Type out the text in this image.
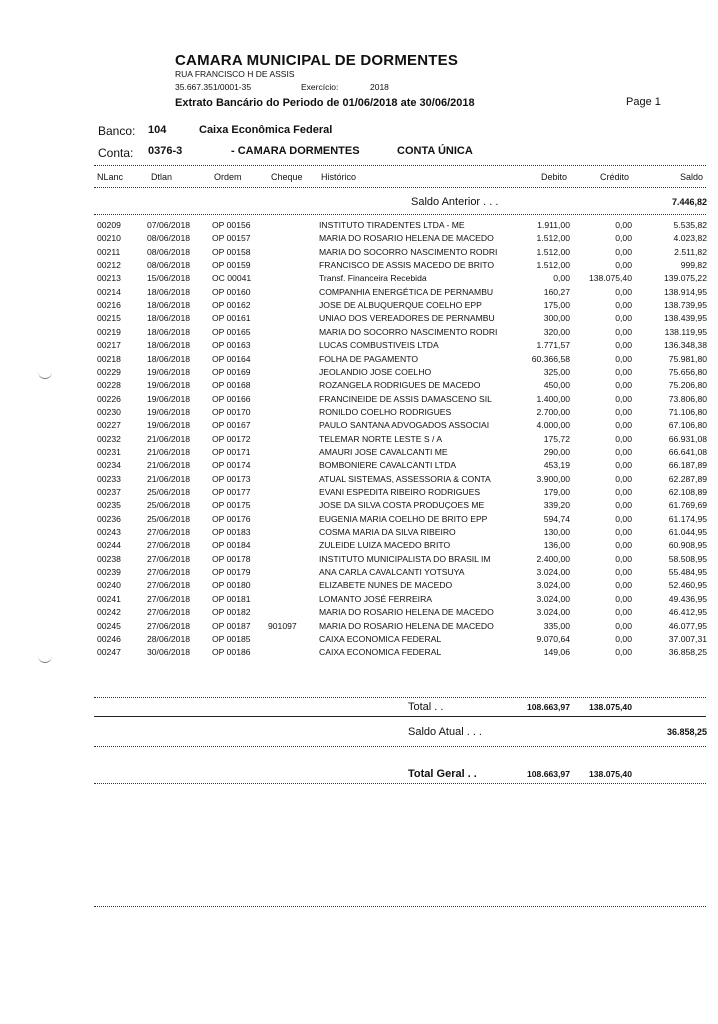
CAMARA MUNICIPAL DE DORMENTES
RUA FRANCISCO H DE ASSIS
35.667.351/0001-35	Exercício:	2018
Extrato Bancário do Periodo de 01/06/2018 ate 30/06/2018	Page 1
Banco: 104	Caixa Econômica Federal
Conta: 0376-3	- CAMARA DORMENTES	CONTA ÚNICA
NLanc	Dtlan	Ordem	Cheque Histórico	Debito	Crédito	Saldo
Saldo Anterior . . .	7.446,82
00209	07/06/2018	OP 00156	INSTITUTO TIRADENTES LTDA - ME	1.911,00	0,00	5.535,82
00210	08/06/2018	OP 00157	MARIA DO ROSARIO HELENA DE MACEDO	1.512,00	0,00	4.023,82
00211	08/06/2018	OP 00158	MARIA DO SOCORRO NASCIMENTO RODRI	1.512,00	0,00	2.511,82
00212	08/06/2018	OP 00159	FRANCISCO DE ASSIS MACEDO DE BRITO	1.512,00	0,00	999,82
00213	15/06/2018	OC 00041	Transf. Financeira Recebida	0,00	138.075,40	139.075,22
00214	18/06/2018	OP 00160	COMPANHIA ENERGÉTICA DE PERNAMBU	160,27	0,00	138.914,95
00216	18/06/2018	OP 00162	JOSE DE ALBUQUERQUE COELHO EPP	175,00	0,00	138.739,95
00215	18/06/2018	OP 00161	UNIAO DOS VEREADORES DE PERNAMBU	300,00	0,00	138.439,95
00219	18/06/2018	OP 00165	MARIA DO SOCORRO NASCIMENTO RODRI	320,00	0,00	138.119,95
00217	18/06/2018	OP 00163	LUCAS COMBUSTIVEIS LTDA	1.771,57	0,00	136.348,38
00218	18/06/2018	OP 00164	FOLHA DE PAGAMENTO	60.366,58	0,00	75.981,80
00229	19/06/2018	OP 00169	JEOLANDIO JOSE COELHO	325,00	0,00	75.656,80
00228	19/06/2018	OP 00168	ROZANGELA RODRIGUES DE MACEDO	450,00	0,00	75.206,80
00226	19/06/2018	OP 00166	FRANCINEIDE DE ASSIS DAMASCENO SIL	1.400,00	0,00	73.806,80
00230	19/06/2018	OP 00170	RONILDO COELHO RODRIGUES	2.700,00	0,00	71.106,80
00227	19/06/2018	OP 00167	PAULO SANTANA ADVOGADOS ASSOCIAI	4.000,00	0,00	67.106,80
00232	21/06/2018	OP 00172	TELEMAR NORTE LESTE S / A	175,72	0,00	66.931,08
00231	21/06/2018	OP 00171	AMAURI JOSE CAVALCANTI ME	290,00	0,00	66.641,08
00234	21/06/2018	OP 00174	BOMBONIERE CAVALCANTI LTDA	453,19	0,00	66.187,89
00233	21/06/2018	OP 00173	ATUAL SISTEMAS, ASSESSORIA & CONTA	3.900,00	0,00	62.287,89
00237	25/06/2018	OP 00177	EVANI ESPEDITA RIBEIRO RODRIGUES	179,00	0,00	62.108,89
00235	25/06/2018	OP 00175	JOSE DA SILVA COSTA PRODUÇOES ME	339,20	0,00	61.769,69
00236	25/06/2018	OP 00176	EUGENIA MARIA COELHO DE BRITO EPP	594,74	0,00	61.174,95
00243	27/06/2018	OP 00183	COSMA MARIA DA SILVA RIBEIRO	130,00	0,00	61.044,95
00244	27/06/2018	OP 00184	ZULEIDE LUIZA MACEDO BRITO	136,00	0,00	60.908,95
00238	27/06/2018	OP 00178	INSTITUTO MUNICIPALISTA DO BRASIL IM	2.400,00	0,00	58.508,95
00239	27/06/2018	OP 00179	ANA CARLA CAVALCANTI YOTSUYA	3.024,00	0,00	55.484,95
00240	27/06/2018	OP 00180	ELIZABETE NUNES DE MACEDO	3.024,00	0,00	52.460,95
00241	27/06/2018	OP 00181	LOMANTO JOSÉ FERREIRA	3.024,00	0,00	49.436,95
00242	27/06/2018	OP 00182	MARIA DO ROSARIO HELENA DE MACEDO	3.024,00	0,00	46.412,95
00245	27/06/2018	OP 00187	901097	MARIA DO ROSARIO HELENA DE MACEDO	335,00	0,00	46.077,95
00246	28/06/2018	OP 00185	CAIXA ECONOMICA FEDERAL	9.070,64	0,00	37.007,31
00247	30/06/2018	OP 00186	CAIXA ECONOMICA FEDERAL	149,06	0,00	36.858,25
Total . .	108.663,97	138.075,40
Saldo Atual . . .	36.858,25
Total Geral . .	108.663,97	138.075,40
